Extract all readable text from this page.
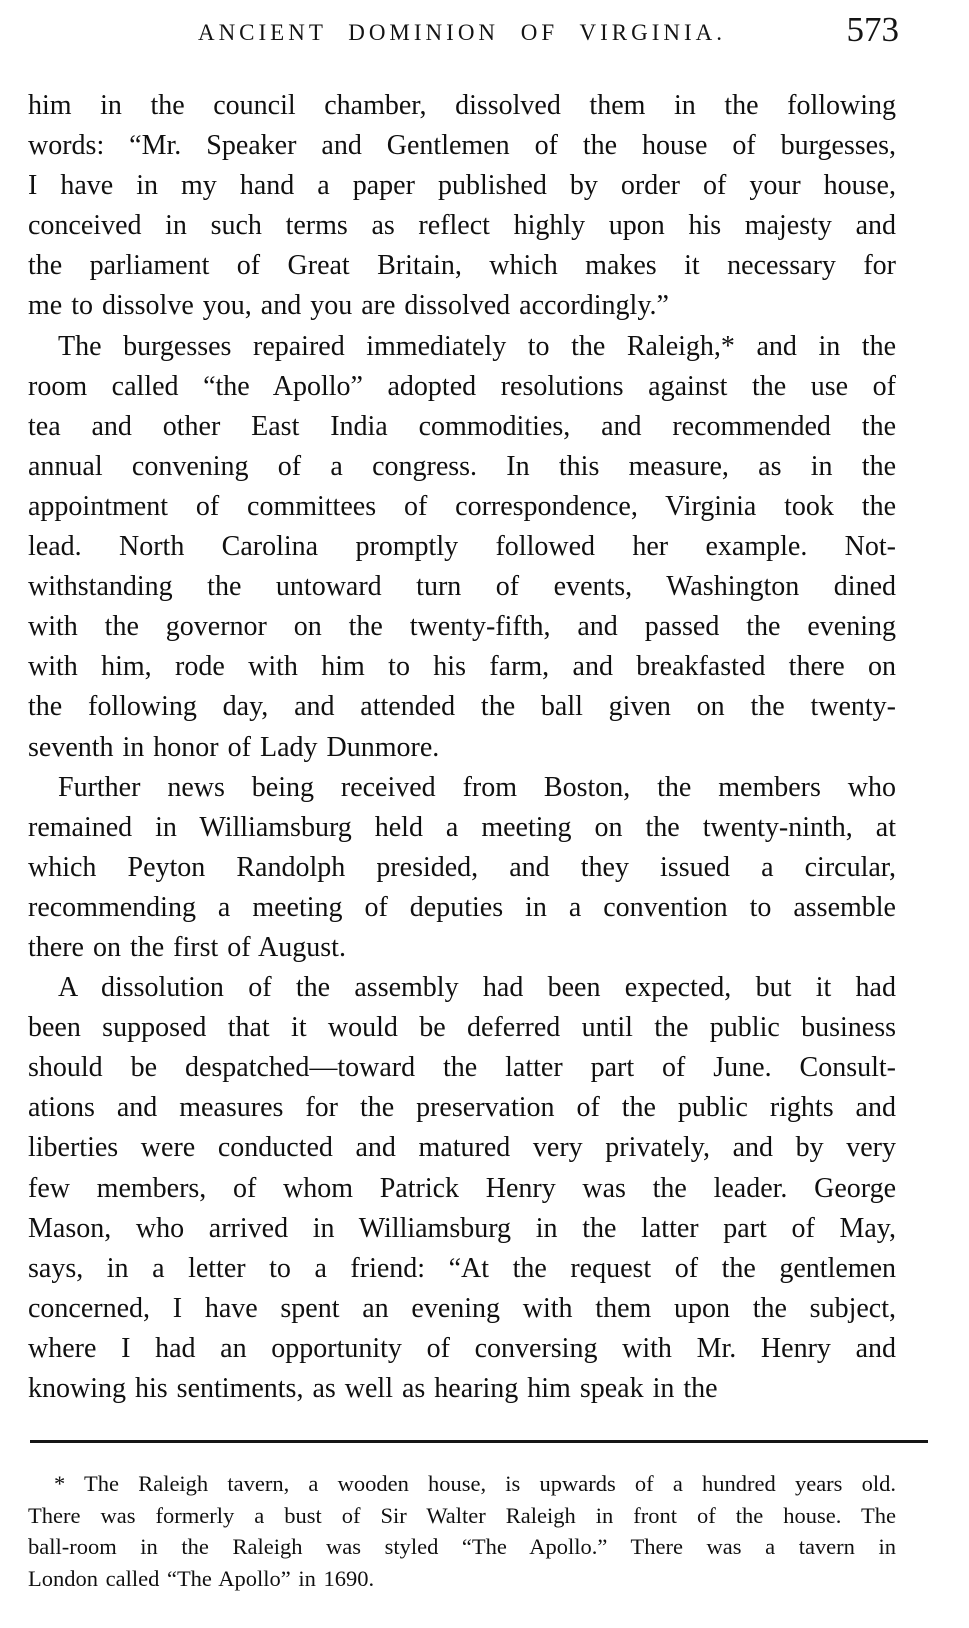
ANCIENT DOMINION OF VIRGINIA.	573
him in the council chamber, dissolved them in the following
words: “Mr. Speaker and Gentlemen of the house of burgesses,
I have in my hand a paper published by order of your house,
conceived in such terms as reflect highly upon his majesty and
the parliament of Great Britain, which makes it necessary for
me to dissolve you, and you are dissolved accordingly.”
The burgesses repaired immediately to the Raleigh,* and in the
room called “the Apollo” adopted resolutions against the use of
tea and other East India commodities, and recommended the
annual convening of a congress. In this measure, as in the
appointment of committees of correspondence, Virginia took the
lead. North Carolina promptly followed her example. Not-
withstanding the untoward turn of events, Washington dined
with the governor on the twenty-fifth, and passed the evening
with him, rode with him to his farm, and breakfasted there on
the following day, and attended the ball given on the twenty-
seventh in honor of Lady Dunmore.
Further news being received from Boston, the members who
remained in Williamsburg held a meeting on the twenty-ninth, at
which Peyton Randolph presided, and they issued a circular,
recommending a meeting of deputies in a convention to assemble
there on the first of August.
A dissolution of the assembly had been expected, but it had
been supposed that it would be deferred until the public business
should be despatched—toward the latter part of June. Consult-
ations and measures for the preservation of the public rights and
liberties were conducted and matured very privately, and by very
few members, of whom Patrick Henry was the leader. George
Mason, who arrived in Williamsburg in the latter part of May,
says, in a letter to a friend: “At the request of the gentlemen
concerned, I have spent an evening with them upon the subject,
where I had an opportunity of conversing with Mr. Henry and
knowing his sentiments, as well as hearing him speak in the
* The Raleigh tavern, a wooden house, is upwards of a hundred years old.
There was formerly a bust of Sir Walter Raleigh in front of the house. The
ball-room in the Raleigh was styled “The Apollo.” There was a tavern in
London called “The Apollo” in 1690.
